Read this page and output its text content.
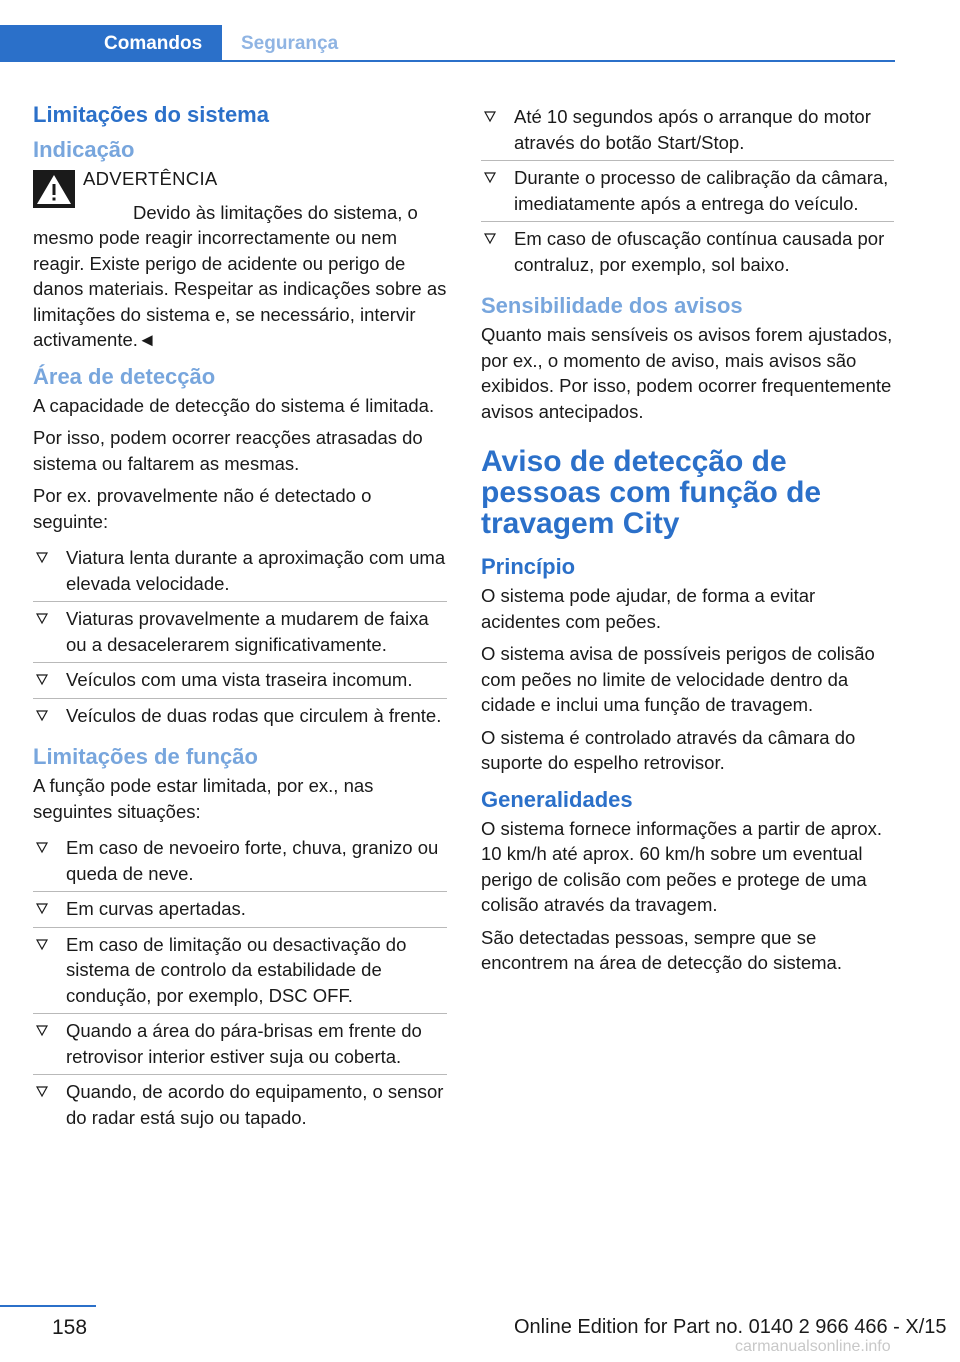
Comandos	Segurança
Limitações do sistema
Indicação
ADVERTÊNCIA

Devido às limitações do sistema, o mesmo pode reagir incorrectamente ou nem reagir. Existe perigo de acidente ou perigo de danos materiais. Respeitar as indicações sobre as limitações do sistema e, se necessário, intervir activamente.◄

Área de detecção

A capacidade de detecção do sistema é limitada.

Por isso, podem ocorrer reacções atrasadas do sistema ou faltarem as mesmas.

Por ex. provavelmente não é detectado o seguinte:

Viatura lenta durante a aproximação com uma elevada velocidade.
Viaturas provavelmente a mudarem de faixa ou a desacelerarem significativamente.
Veículos com uma vista traseira incomum.
Veículos de duas rodas que circulem à frente.
Limitações de função

A função pode estar limitada, por ex., nas seguintes situações:

Em caso de nevoeiro forte, chuva, granizo ou queda de neve.
Em curvas apertadas.
Em caso de limitação ou desactivação do sistema de controlo da estabilidade de condução, por exemplo, DSC OFF.
Quando a área do pára-brisas em frente do retrovisor interior estiver suja ou coberta.
Quando, de acordo do equipamento, o sensor do radar está sujo ou tapado.
Até 10 segundos após o arranque do motor através do botão Start/Stop.
Durante o processo de calibração da câmara, imediatamente após a entrega do veículo.
Em caso de ofuscação contínua causada por contraluz, por exemplo, sol baixo.
Sensibilidade dos avisos

Quanto mais sensíveis os avisos forem ajustados, por ex., o momento de aviso, mais avisos são exibidos. Por isso, podem ocorrer frequentemente avisos antecipados.

Aviso de detecção de pessoas com função de travagem City
Princípio

O sistema pode ajudar, de forma a evitar acidentes com peões.

O sistema avisa de possíveis perigos de colisão com peões no limite de velocidade dentro da cidade e inclui uma função de travagem.

O sistema é controlado através da câmara do suporte do espelho retrovisor.

Generalidades

O sistema fornece informações a partir de aprox. 10 km/h até aprox. 60 km/h sobre um eventual perigo de colisão com peões e protege de uma colisão através da travagem.

São detectadas pessoas, sempre que se encontrem na área de detecção do sistema.

158	Online Edition for Part no. 0140 2 966 466 - X/15
carmanualsonline.info
